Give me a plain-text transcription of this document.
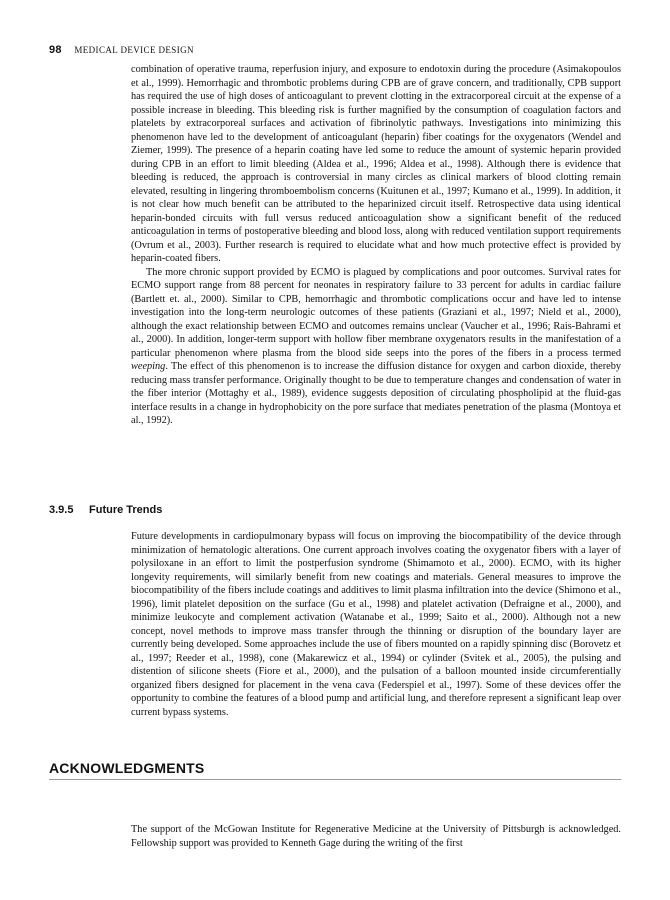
98 MEDICAL DEVICE DESIGN

combination of operative trauma, reperfusion injury, and exposure to endotoxin during the procedure (Asimakopoulos et al., 1999). Hemorrhagic and thrombotic problems during CPB are of grave concern, and traditionally, CPB support has required the use of high doses of anticoagulant to prevent clotting in the extracorporeal circuit at the expense of a possible increase in bleeding. This bleeding risk is further magnified by the consumption of coagulation factors and platelets by extracorporeal surfaces and activation of fibrinolytic pathways. Investigations into minimizing this phenomenon have led to the development of anticoagulant (heparin) fiber coatings for the oxygenators (Wendel and Ziemer, 1999). The presence of a heparin coating have led some to reduce the amount of systemic heparin provided during CPB in an effort to limit bleeding (Aldea et al., 1996; Aldea et al., 1998). Although there is evidence that bleeding is reduced, the approach is controversial in many circles as clinical markers of blood clotting remain elevated, resulting in lingering thromboembolism concerns (Kuitunen et al., 1997; Kumano et al., 1999). In addition, it is not clear how much benefit can be attributed to the heparinized circuit itself. Retrospective data using identical heparin-bonded circuits with full versus reduced anticoagulation show a significant benefit of the reduced anticoagulation in terms of postoperative bleeding and blood loss, along with reduced ventilation support requirements (Ovrum et al., 2003). Further research is required to elucidate what and how much protective effect is provided by heparin-coated fibers.

The more chronic support provided by ECMO is plagued by complications and poor outcomes. Survival rates for ECMO support range from 88 percent for neonates in respiratory failure to 33 percent for adults in cardiac failure (Bartlett et. al., 2000). Similar to CPB, hemorrhagic and thrombotic complications occur and have led to intense investigation into the long-term neurologic outcomes of these patients (Graziani et al., 1997; Nield et al., 2000), although the exact relationship between ECMO and outcomes remains unclear (Vaucher et al., 1996; Rais-Bahrami et al., 2000). In addition, longer-term support with hollow fiber membrane oxygenators results in the manifestation of a particular phenomenon where plasma from the blood side seeps into the pores of the fibers in a process termed weeping. The effect of this phenomenon is to increase the diffusion distance for oxygen and carbon dioxide, thereby reducing mass transfer performance. Originally thought to be due to temperature changes and condensation of water in the fiber interior (Mottaghy et al., 1989), evidence suggests deposition of circulating phospholipid at the fluid-gas interface results in a change in hydrophobicity on the pore surface that mediates penetration of the plasma (Montoya et al., 1992).

3.9.5 Future Trends

Future developments in cardiopulmonary bypass will focus on improving the biocompatibility of the device through minimization of hematologic alterations. One current approach involves coating the oxygenator fibers with a layer of polysiloxane in an effort to limit the postperfusion syndrome (Shimamoto et al., 2000). ECMO, with its higher longevity requirements, will similarly benefit from new coatings and materials. General measures to improve the biocompatibility of the fibers include coatings and additives to limit plasma infiltration into the device (Shimono et al., 1996), limit platelet deposition on the surface (Gu et al., 1998) and platelet activation (Defraigne et al., 2000), and minimize leukocyte and complement activation (Watanabe et al., 1999; Saito et al., 2000). Although not a new concept, novel methods to improve mass transfer through the thinning or disruption of the boundary layer are currently being developed. Some approaches include the use of fibers mounted on a rapidly spinning disc (Borovetz et al., 1997; Reeder et al., 1998), cone (Makarewicz et al., 1994) or cylinder (Svitek et al., 2005), the pulsing and distention of silicone sheets (Fiore et al., 2000), and the pulsation of a balloon mounted inside circumferentially organized fibers designed for placement in the vena cava (Federspiel et al., 1997). Some of these devices offer the opportunity to combine the features of a blood pump and artificial lung, and therefore represent a significant leap over current bypass systems.

ACKNOWLEDGMENTS

The support of the McGowan Institute for Regenerative Medicine at the University of Pittsburgh is acknowledged. Fellowship support was provided to Kenneth Gage during the writing of the first
